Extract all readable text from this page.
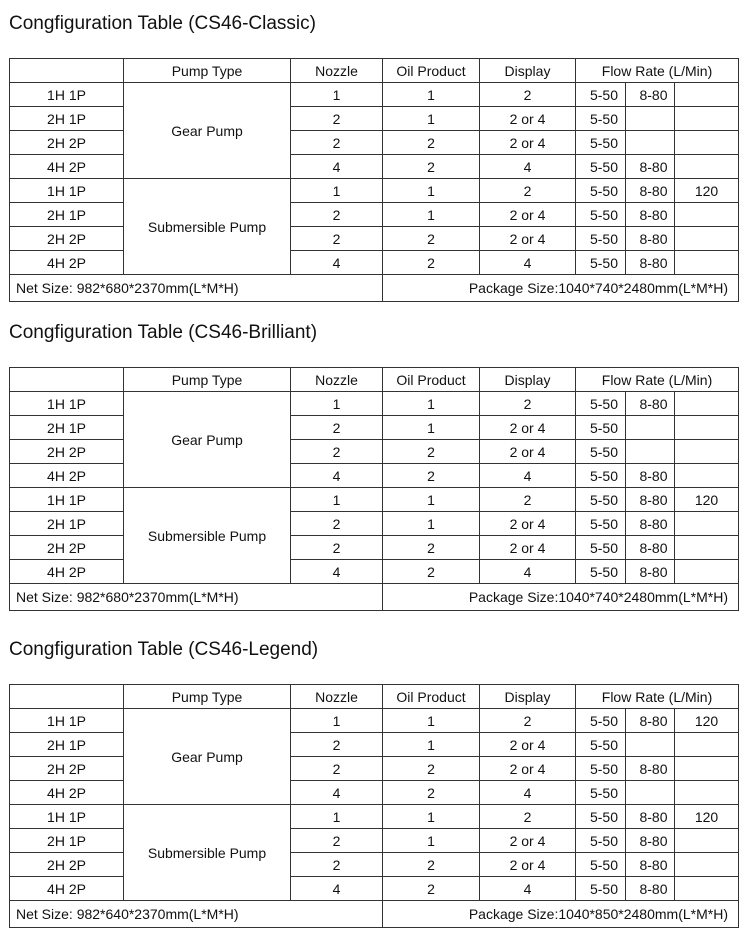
Congfiguration Table (CS46-Classic)
	Pump Type	Nozzle	Oil Product	Display	Flow Rate (L/Min)		
1H 1P	Gear Pump	1	1	2	5-50	8-80	
2H 1P		2	1	2 or 4	5-50		
2H 2P		2	2	2 or 4	5-50		
4H 2P		4	2	4	5-50	8-80	
1H 1P	Submersible Pump	1	1	2	5-50	8-80	120
2H 1P		2	1	2 or 4	5-50	8-80	
2H 2P		2	2	2 or 4	5-50	8-80	
4H 2P		4	2	4	5-50	8-80	
Net Size: 982*680*2370mm(L*M*H)			Package Size:1040*740*2480mm(L*M*H)				
Congfiguration Table (CS46-Brilliant)
	Pump Type	Nozzle	Oil Product	Display	Flow Rate (L/Min)		
1H 1P	Gear Pump	1	1	2	5-50	8-80	
2H 1P		2	1	2 or 4	5-50		
2H 2P		2	2	2 or 4	5-50		
4H 2P		4	2	4	5-50	8-80	
1H 1P	Submersible Pump	1	1	2	5-50	8-80	120
2H 1P		2	1	2 or 4	5-50	8-80	
2H 2P		2	2	2 or 4	5-50	8-80	
4H 2P		4	2	4	5-50	8-80	
Net Size: 982*680*2370mm(L*M*H)			Package Size:1040*740*2480mm(L*M*H)				
Congfiguration Table (CS46-Legend)
	Pump Type	Nozzle	Oil Product	Display	Flow Rate (L/Min)		
1H 1P	Gear Pump	1	1	2	5-50	8-80	120
2H 1P		2	1	2 or 4	5-50		
2H 2P		2	2	2 or 4	5-50	8-80	
4H 2P		4	2	4	5-50		
1H 1P	Submersible Pump	1	1	2	5-50	8-80	120
2H 1P		2	1	2 or 4	5-50	8-80	
2H 2P		2	2	2 or 4	5-50	8-80	
4H 2P		4	2	4	5-50	8-80	
Net Size: 982*640*2370mm(L*M*H)			Package Size:1040*850*2480mm(L*M*H)				
